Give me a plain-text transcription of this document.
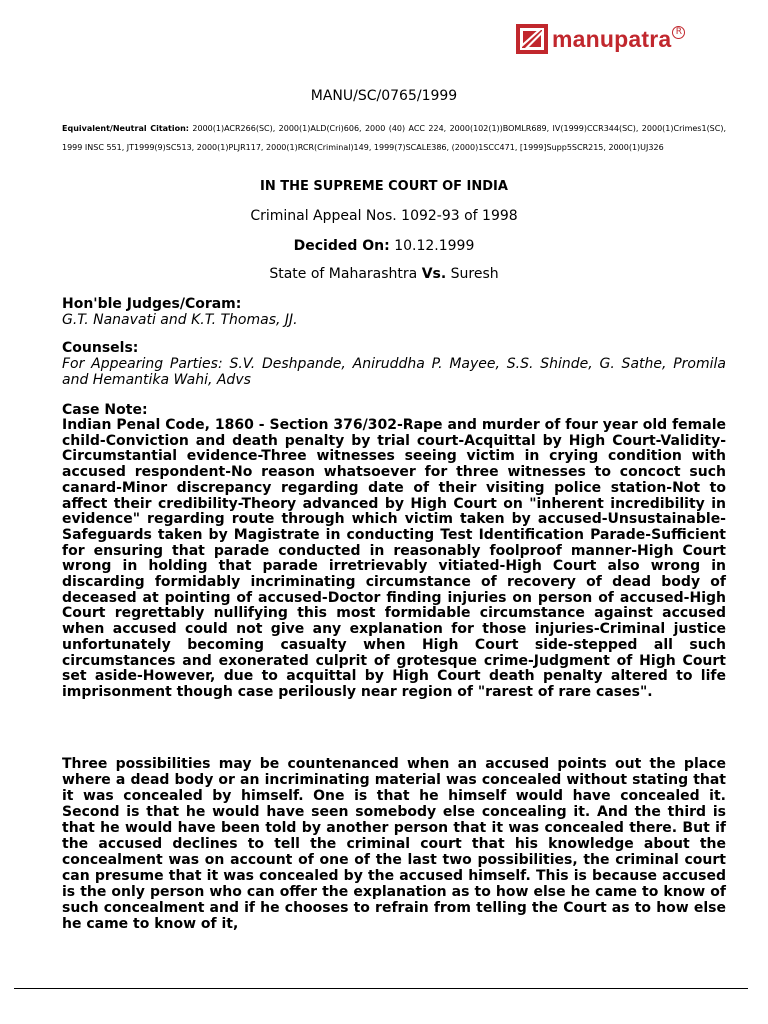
manupatra R
MANU/SC/0765/1999
Equivalent/Neutral Citation: 2000(1)ACR266(SC), 2000(1)ALD(Cri)606, 2000 (40) ACC 224, 2000(102(1))BOMLR689, IV(1999)CCR344(SC), 2000(1)Crimes1(SC), 1999 INSC 551, JT1999(9)SC513, 2000(1)PLJR117, 2000(1)RCR(Criminal)149, 1999(7)SCALE386, (2000)1SCC471, [1999]Supp5SCR215, 2000(1)UJ326
IN THE SUPREME COURT OF INDIA
Criminal Appeal Nos. 1092-93 of 1998
Decided On: 10.12.1999
State of Maharashtra Vs. Suresh
Hon'ble Judges/Coram:
G.T. Nanavati and K.T. Thomas, JJ.
Counsels:
For Appearing Parties: S.V. Deshpande, Aniruddha P. Mayee, S.S. Shinde, G. Sathe, Promila and Hemantika Wahi, Advs
Case Note:
Indian Penal Code, 1860 - Section 376/302-Rape and murder of four year old female child-Conviction and death penalty by trial court-Acquittal by High Court-Validity-Circumstantial evidence-Three witnesses seeing victim in crying condition with accused respondent-No reason whatsoever for three witnesses to concoct such canard-Minor discrepancy regarding date of their visiting police station-Not to affect their credibility-Theory advanced by High Court on "inherent incredibility in evidence" regarding route through which victim taken by accused-Unsustainable-Safeguards taken by Magistrate in conducting Test Identification Parade-Sufficient for ensuring that parade conducted in reasonably foolproof manner-High Court wrong in holding that parade irretrievably vitiated-High Court also wrong in discarding formidably incriminating circumstance of recovery of dead body of deceased at pointing of accused-Doctor finding injuries on person of accused-High Court regrettably nullifying this most formidable circumstance against accused when accused could not give any explanation for those injuries-Criminal justice unfortunately becoming casualty when High Court side-stepped all such circumstances and exonerated culprit of grotesque crime-Judgment of High Court set aside-However, due to acquittal by High Court death penalty altered to life imprisonment though case perilously near region of "rarest of rare cases".
Three possibilities may be countenanced when an accused points out the place where a dead body or an incriminating material was concealed without stating that it was concealed by himself. One is that he himself would have concealed it. Second is that he would have seen somebody else concealing it. And the third is that he would have been told by another person that it was concealed there. But if the accused declines to tell the criminal court that his knowledge about the concealment was on account of one of the last two possibilities, the criminal court can presume that it was concealed by the accused himself. This is because accused is the only person who can offer the explanation as to how else he came to know of such concealment and if he chooses to refrain from telling the Court as to how else he came to know of it,
